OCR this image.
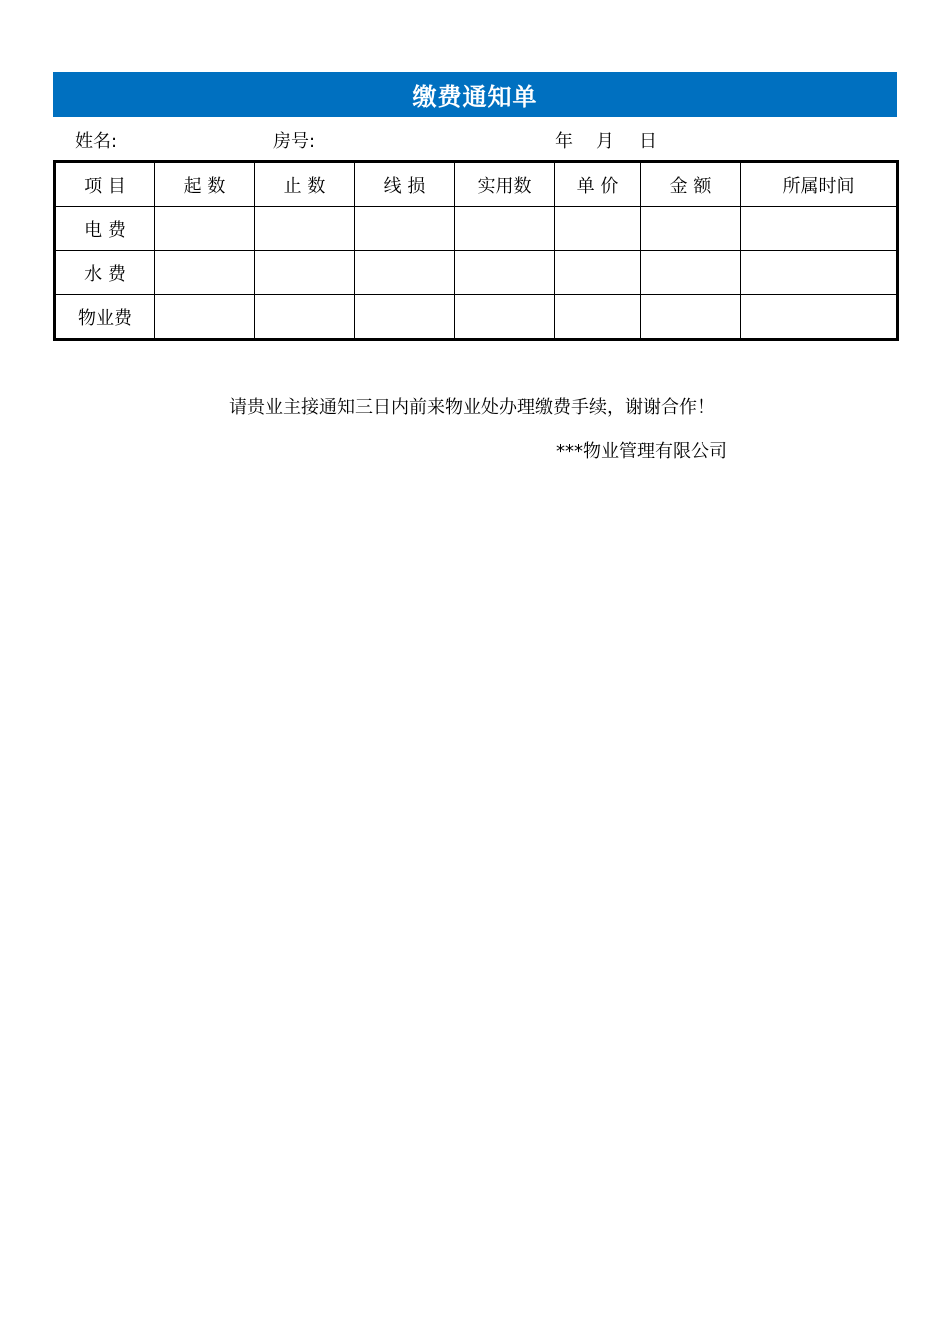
缴费通知单
姓名:	房号:	年 月 日
项 目	起 数	止 数	线 损	实用数	单 价	金 额	所属时间
电 费							
水 费							
物业费							
请贵业主接通知三日内前来物业处办理缴费手续，谢谢合作！
***物业管理有限公司
